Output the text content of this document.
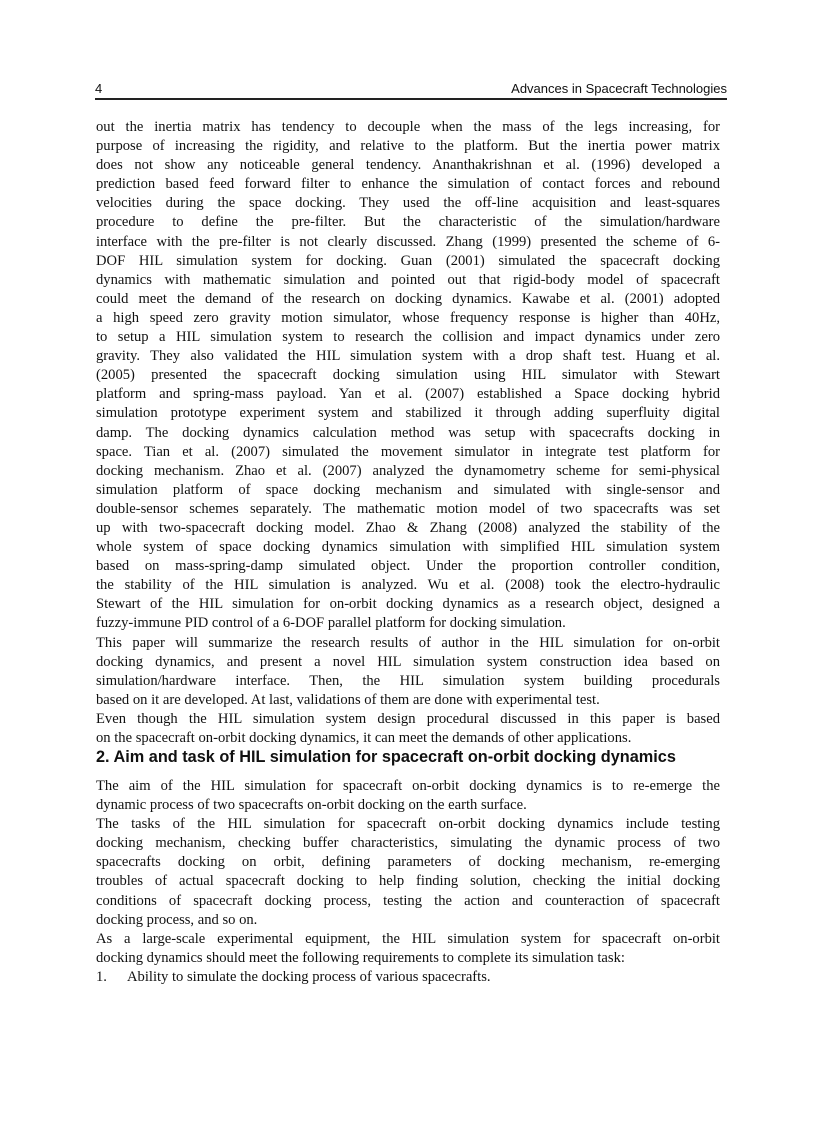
4	Advances in Spacecraft Technologies
out the inertia matrix has tendency to decouple when the mass of the legs increasing, for
purpose of increasing the rigidity, and relative to the platform. But the inertia power matrix
does not show any noticeable general tendency. Ananthakrishnan et al. (1996) developed a
prediction based feed forward filter to enhance the simulation of contact forces and rebound
velocities during the space docking. They used the off-line acquisition and least-squares
procedure to define the pre-filter. But the characteristic of the simulation/hardware
interface with the pre-filter is not clearly discussed. Zhang (1999) presented the scheme of 6-
DOF HIL simulation system for docking. Guan (2001) simulated the spacecraft docking
dynamics with mathematic simulation and pointed out that rigid-body model of spacecraft
could meet the demand of the research on docking dynamics. Kawabe et al. (2001) adopted
a high speed zero gravity motion simulator, whose frequency response is higher than 40Hz,
to setup a HIL simulation system to research the collision and impact dynamics under zero
gravity. They also validated the HIL simulation system with a drop shaft test. Huang et al.
(2005) presented the spacecraft docking simulation using HIL simulator with Stewart
platform and spring-mass payload. Yan et al. (2007) established a Space docking hybrid
simulation prototype experiment system and stabilized it through adding superfluity digital
damp. The docking dynamics calculation method was setup with spacecrafts docking in
space. Tian et al. (2007) simulated the movement simulator in integrate test platform for
docking mechanism. Zhao et al. (2007) analyzed the dynamometry scheme for semi-physical
simulation platform of space docking mechanism and simulated with single-sensor and
double-sensor schemes separately. The mathematic motion model of two spacecrafts was set
up with two-spacecraft docking model. Zhao & Zhang (2008) analyzed the stability of the
whole system of space docking dynamics simulation with simplified HIL simulation system
based on mass-spring-damp simulated object. Under the proportion controller condition,
the stability of the HIL simulation is analyzed. Wu et al. (2008) took the electro-hydraulic
Stewart of the HIL simulation for on-orbit docking dynamics as a research object, designed a
fuzzy-immune PID control of a 6-DOF parallel platform for docking simulation.
This paper will summarize the research results of author in the HIL simulation for on-orbit
docking dynamics, and present a novel HIL simulation system construction idea based on
simulation/hardware interface. Then, the HIL simulation system building procedurals
based on it are developed. At last, validations of them are done with experimental test.
Even though the HIL simulation system design procedural discussed in this paper is based
on the spacecraft on-orbit docking dynamics, it can meet the demands of other applications.
2. Aim and task of HIL simulation for spacecraft on-orbit docking dynamics
The aim of the HIL simulation for spacecraft on-orbit docking dynamics is to re-emerge the
dynamic process of two spacecrafts on-orbit docking on the earth surface.
The tasks of the HIL simulation for spacecraft on-orbit docking dynamics include testing
docking mechanism, checking buffer characteristics, simulating the dynamic process of two
spacecrafts docking on orbit, defining parameters of docking mechanism, re-emerging
troubles of actual spacecraft docking to help finding solution, checking the initial docking
conditions of spacecraft docking process, testing the action and counteraction of spacecraft
docking process, and so on.
As a large-scale experimental equipment, the HIL simulation system for spacecraft on-orbit
docking dynamics should meet the following requirements to complete its simulation task:
1.	Ability to simulate the docking process of various spacecrafts.
